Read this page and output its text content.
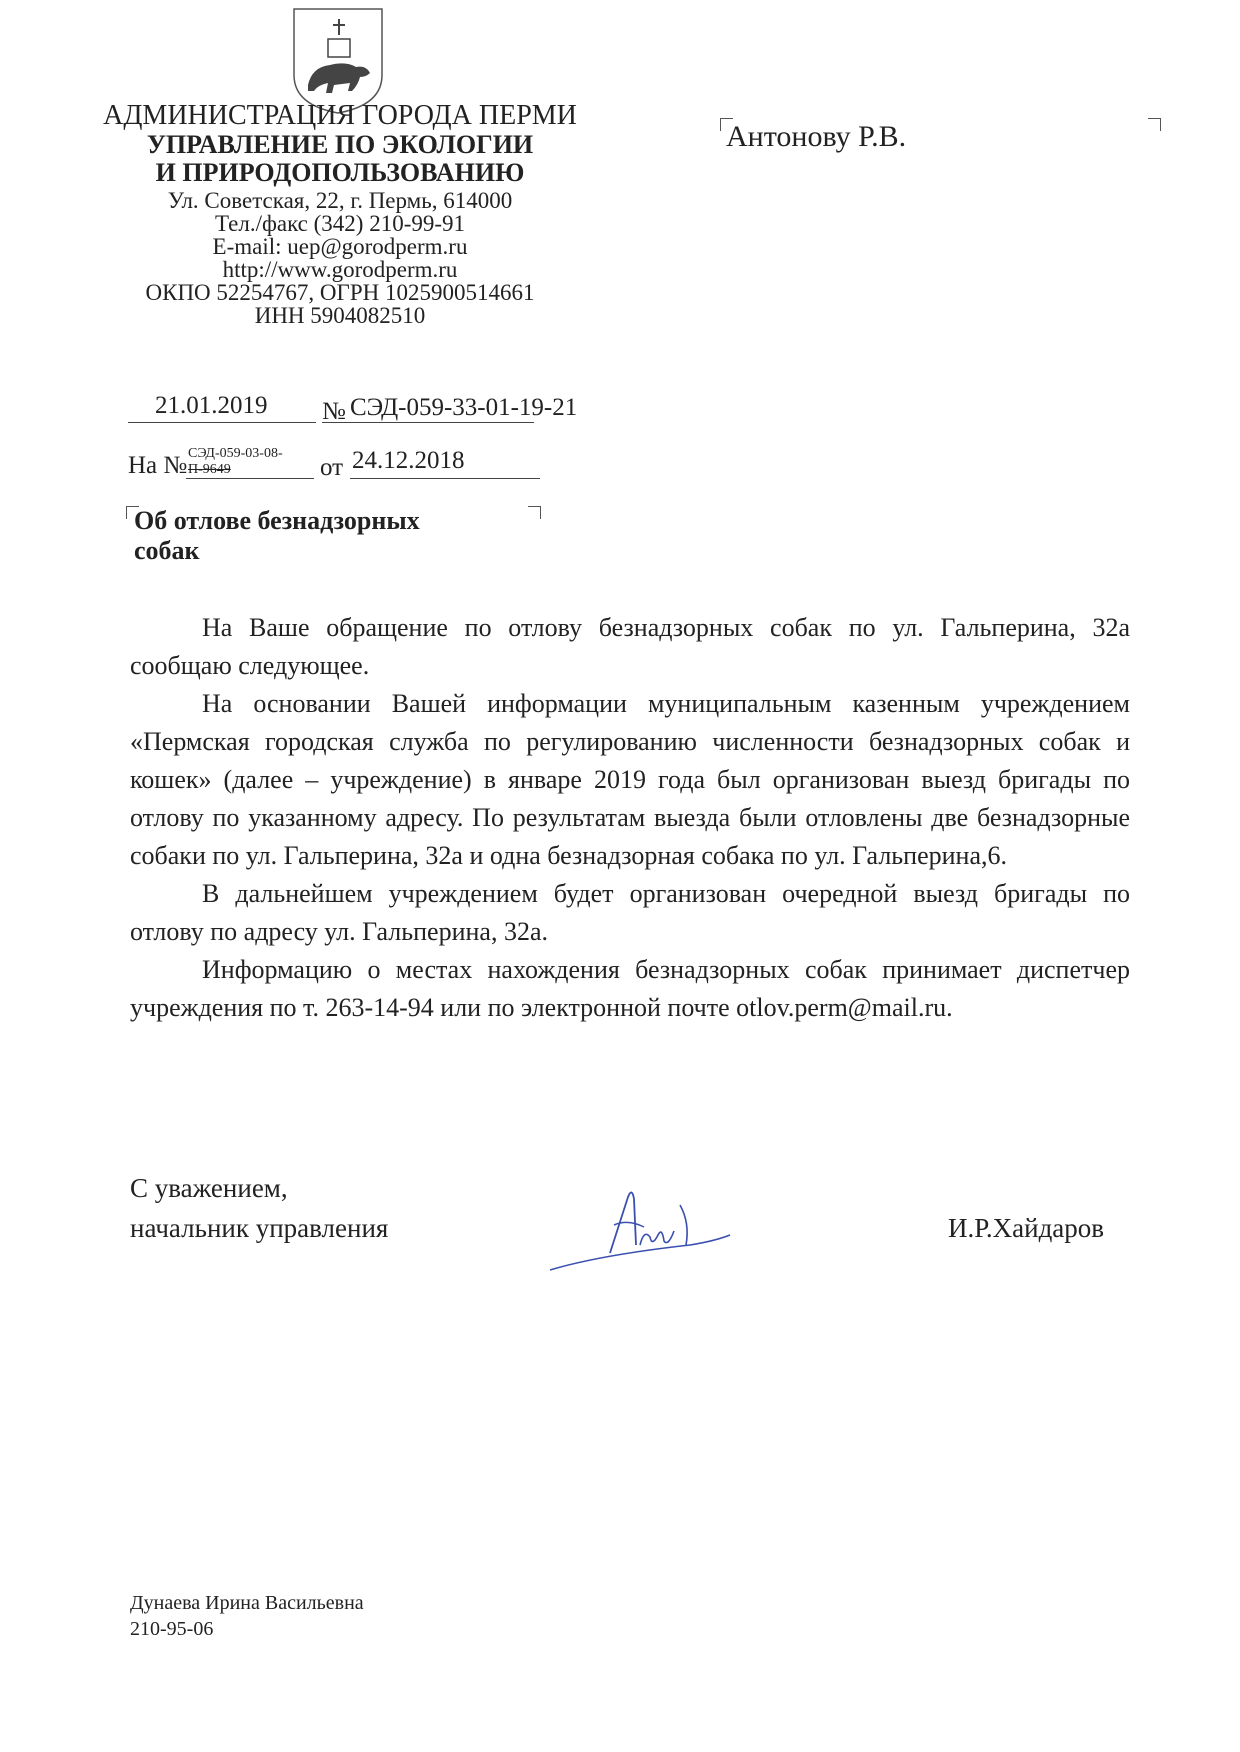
АДМИНИСТРАЦИЯ ГОРОДА ПЕРМИ
УПРАВЛЕНИЕ ПО ЭКОЛОГИИ
И ПРИРОДОПОЛЬЗОВАНИЮ
Ул. Советская, 22, г. Пермь, 614000
Тел./факс (342) 210-99-91
E-mail: uep@gorodperm.ru
http://www.gorodperm.ru
ОКПО 52254767, ОГРН 1025900514661
ИНН 5904082510
Антонову Р.В.
21.01.2019 № СЭД-059-33-01-19-21
На № СЭД-059-03-08-
П-9649	от 24.12.2018
Об отлове безнадзорных
собак

На Ваше обращение по отлову безнадзорных собак по ул. Гальперина, 32а сообщаю следующее.

На основании Вашей информации муниципальным казенным учреждением «Пермская городская служба по регулированию численности безнадзорных собак и кошек» (далее – учреждение) в январе 2019 года был организован выезд бригады по отлову по указанному адресу. По результатам выезда были отловлены две безнадзорные собаки по ул. Гальперина, 32а и одна безнадзорная собака по ул. Гальперина,6.

В дальнейшем учреждением будет организован очередной выезд бригады по отлову по адресу ул. Гальперина, 32а.

Информацию о местах нахождения безнадзорных собак принимает диспетчер учреждения по т. 263-14-94 или по электронной почте otlov.perm@mail.ru.

С уважением,
начальник управления	И.Р.Хайдаров
Дунаева Ирина Васильевна
210-95-06
